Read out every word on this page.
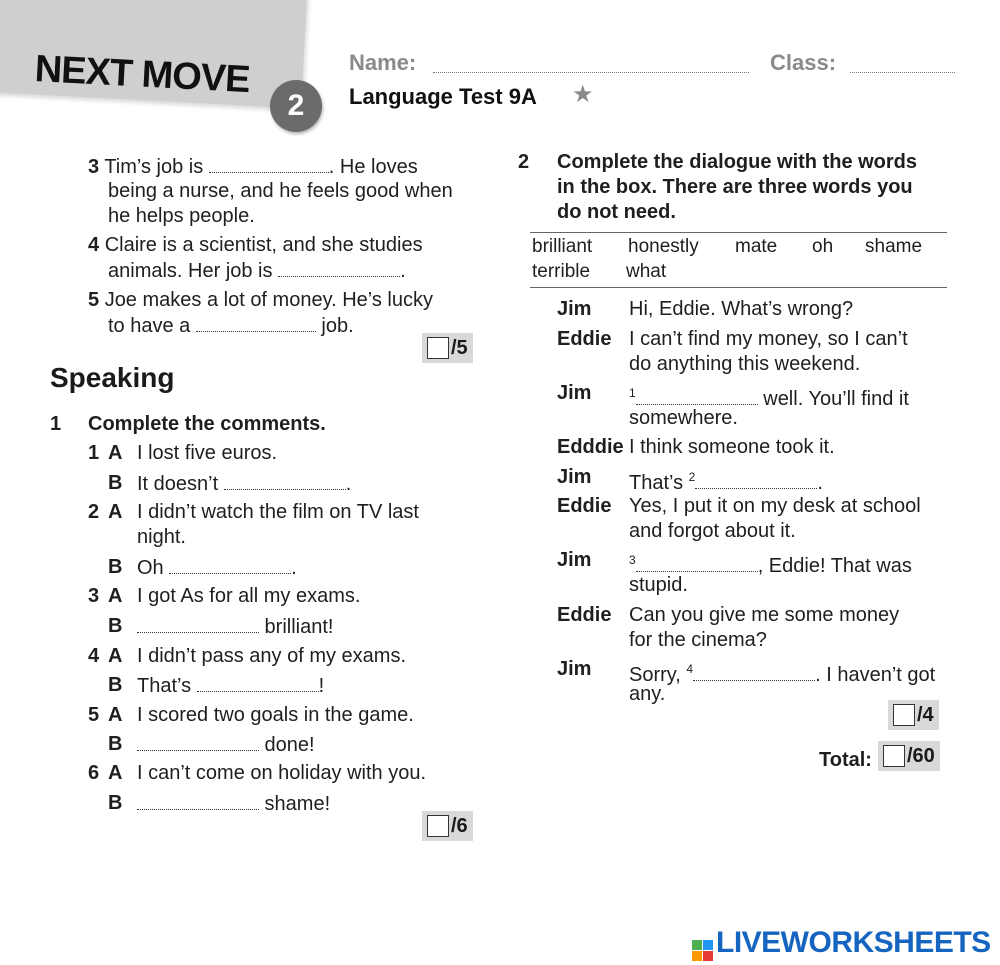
NEXT MOVE
2
Name:	Class:
Language Test 9A ★
3 Tim’s job is	. He loves
being a nurse, and he feels good when
he helps people.
4 Claire is a scientist, and she studies
animals. Her job is	.
5 Joe makes a lot of money. He’s lucky
to have a	job.
/5
Speaking
1 Complete the comments.
1 A I lost five euros.
B It doesn’t	.
2 A I didn’t watch the film on TV last
night.
B Oh	.
3 A I got As for all my exams.
B	brilliant!
4 A I didn’t pass any of my exams.
B That’s	!
5 A I scored two goals in the game.
B	done!
6 A I can’t come on holiday with you.
B	shame!
/6
2 Complete the dialogue with the words
in the box. There are three words you
do not need.
brilliant honestly mate oh shame
terrible what
Jim Hi, Eddie. What’s wrong?
Eddie I can’t find my money, so I can’t
do anything this weekend.
Jim	$^1$	well. You’ll find it
somewhere.
Edddie I think someone took it.
Jim That’s $^2$	.
Eddie Yes, I put it on my desk at school
and forgot about it.
Jim	$^3$	, Eddie! That was
stupid.
Eddie Can you give me some money
for the cinema?
Jim Sorry, $^4$	. I haven’t got
any.
/4
Total: /60
LIVEWORKSHEETS
